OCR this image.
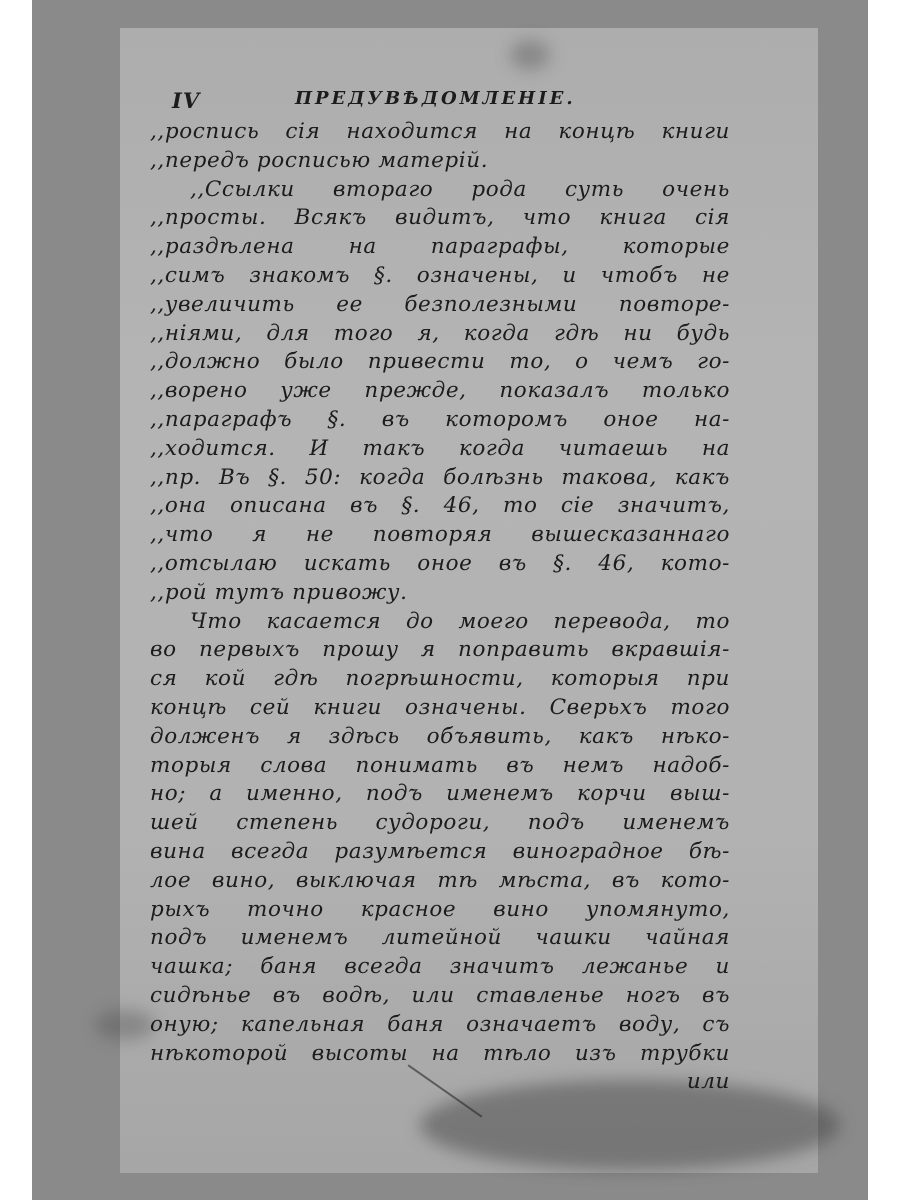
IV	ПРЕДУВѢДОМЛЕНІЕ.
,,роспись сія находится на концѣ книги
,,передъ росписью матерій.
,,Ссылки втораго рода суть очень
,,просты. Всякъ видитъ, что книга сія
,,раздѣлена на параграфы, которые
,,симъ знакомъ §. означены, и чтобъ не
,,увеличить ее безполезными повторе-
,,ніями, для того я, когда гдѣ ни будь
,,должно было привести то, о чемъ го-
,,ворено уже прежде, показалъ только
,,параграфъ §. въ которомъ оное на-
,,ходится. И такъ когда читаешь на
,,пр. Въ §. 50: когда болѣзнь такова, какъ
,,она описана въ §. 46, то сіе значитъ,
,,что я не повторяя вышесказаннаго
,,отсылаю искать оное въ §. 46, кото-
,,рой тутъ привожу.
Что касается до моего перевода, то
во первыхъ прошу я поправить вкравшія-
ся кой гдѣ погрѣшности, которыя при
концѣ сей книги означены. Сверьхъ того
долженъ я здѣсь объявить, какъ нѣко-
торыя слова понимать въ немъ надоб-
но; а именно, подъ именемъ корчи выш-
шей степень судороги, подъ именемъ
вина всегда разумѣется виноградное бѣ-
лое вино, выключая тѣ мѣста, въ кото-
рыхъ точно красное вино упомянуто,
подъ именемъ литейной чашки чайная
чашка; баня всегда значитъ лежанье и
сидѣнье въ водѣ, или ставленье ногъ въ
оную; капельная баня означаетъ воду, съ
нѣкоторой высоты на тѣло изъ трубки
или
